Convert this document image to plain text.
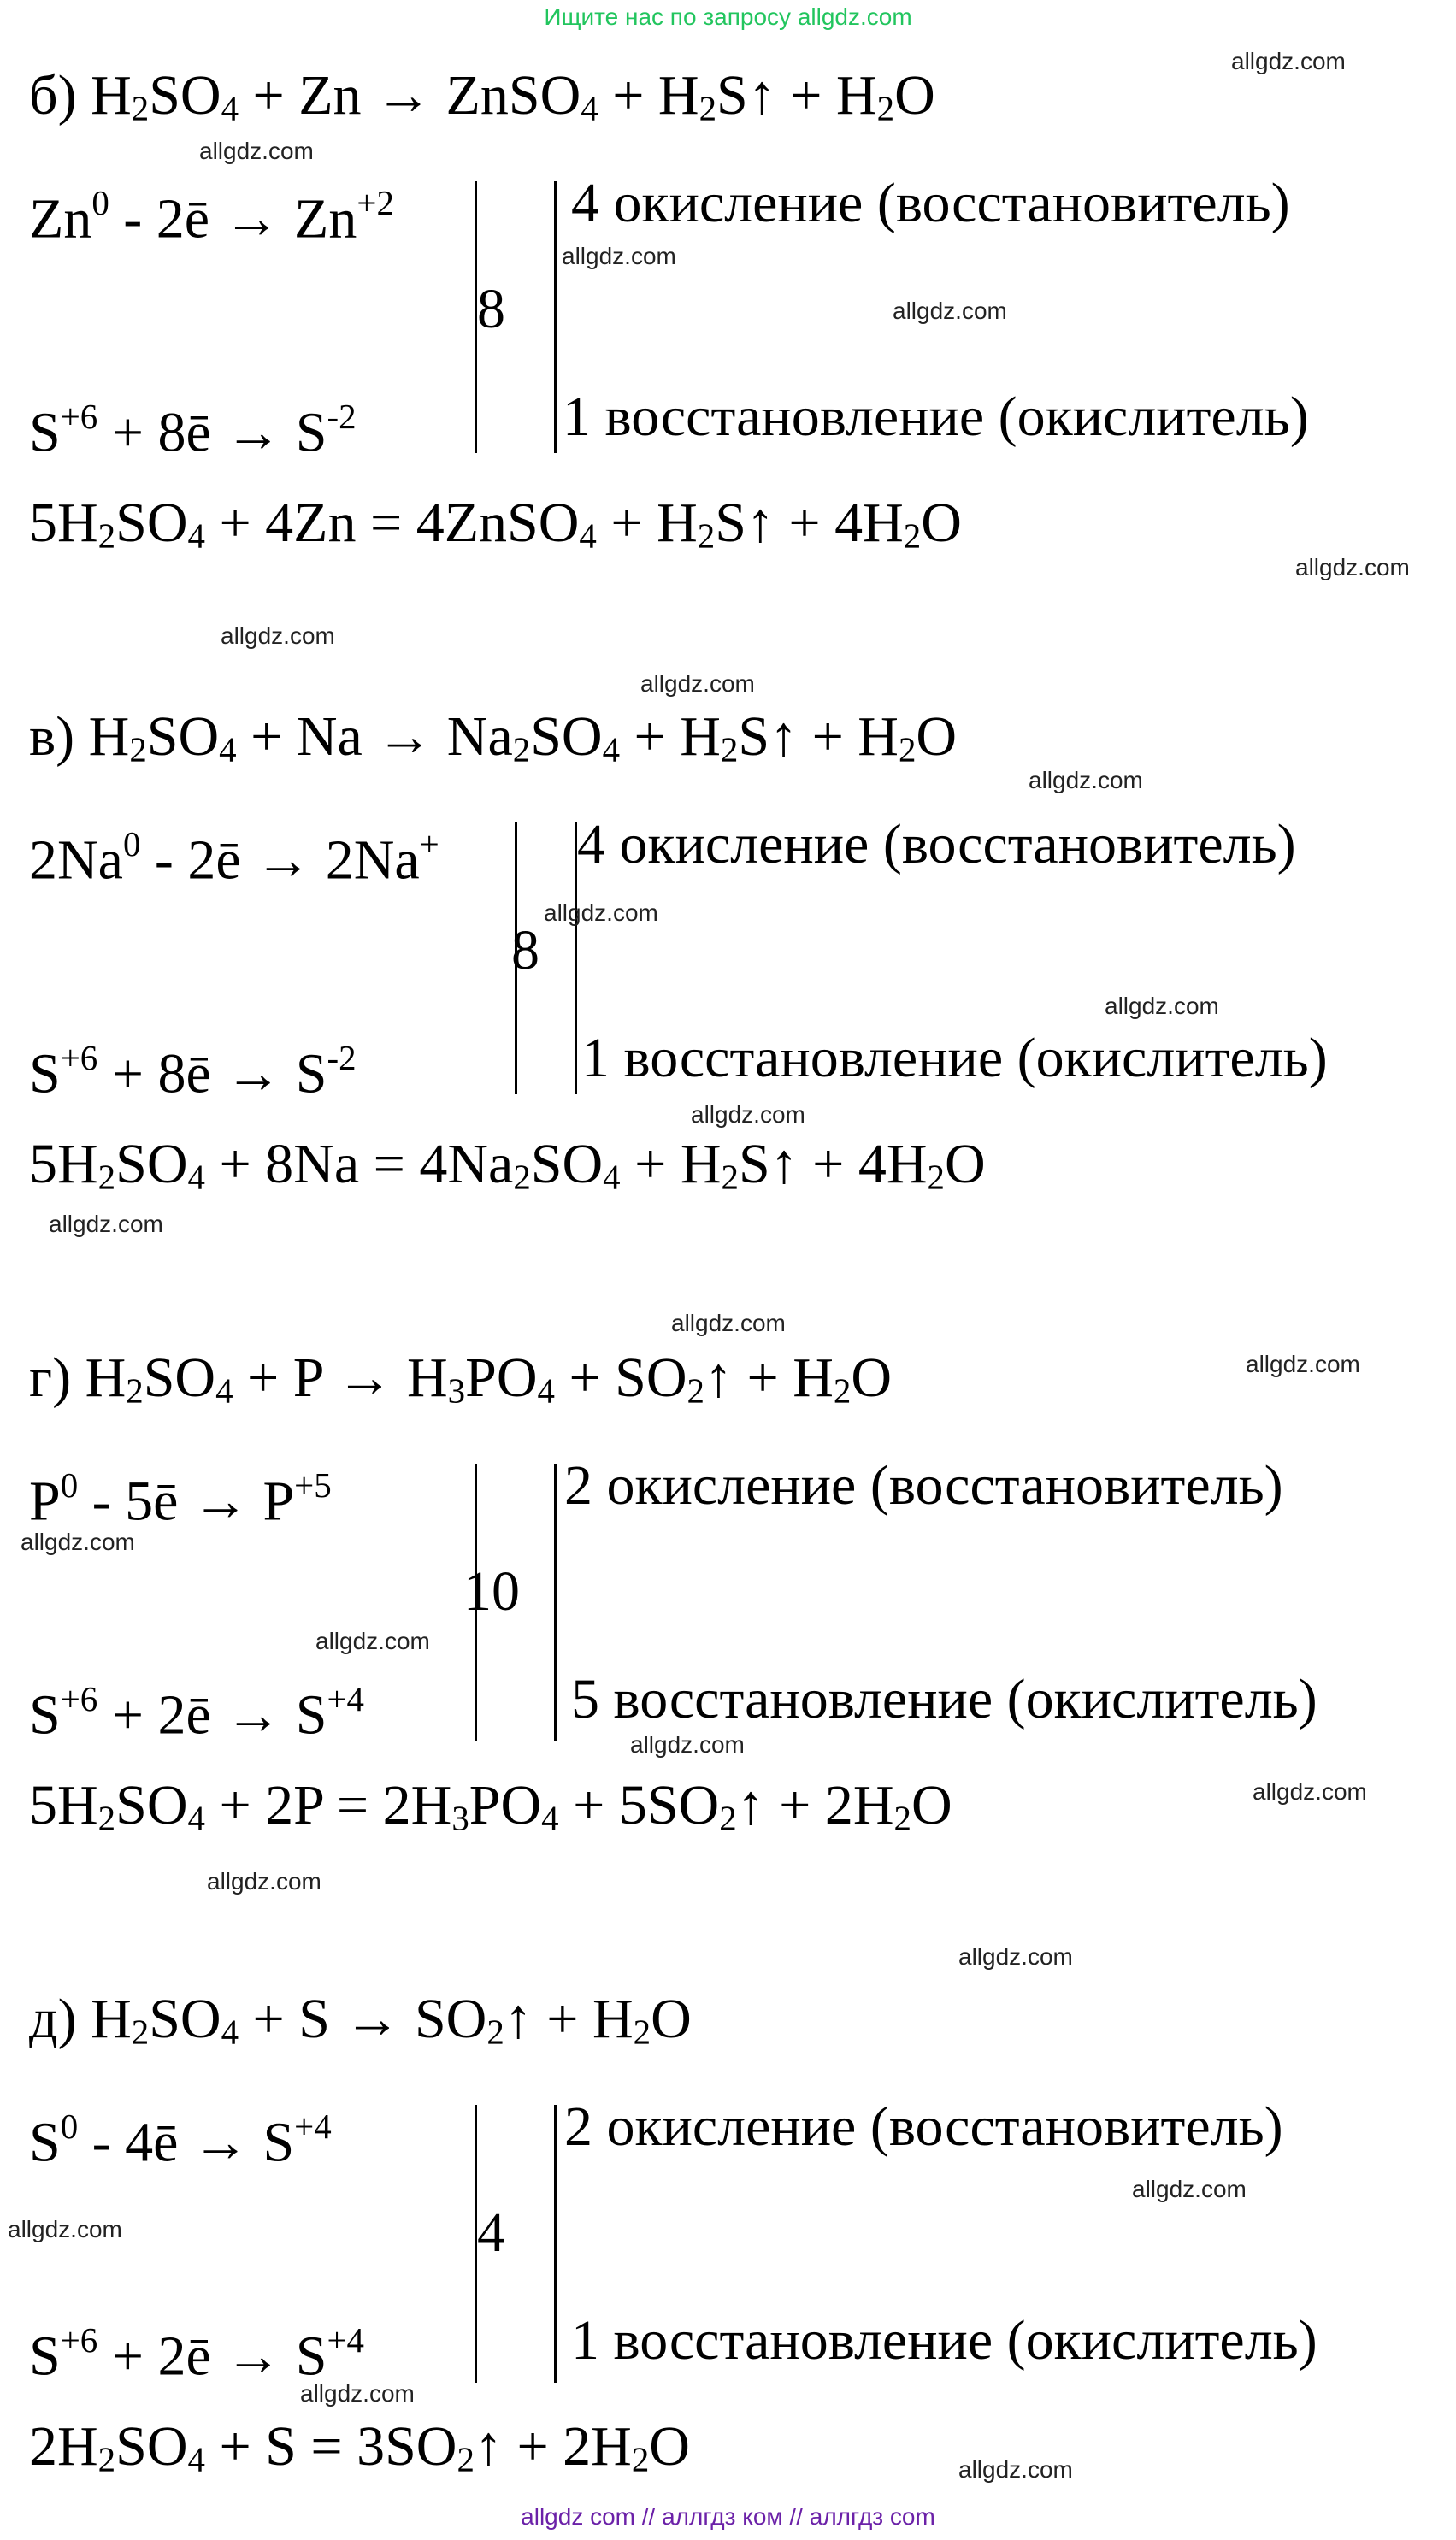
Ищите нас по запросу allgdz.com
б) H2SO4 + Zn → ZnSO4 + H2S↑ + H2O
Zn$^0$ - 2ē → $Zn^{+2}$
$S^{+6}$ + 8ē → $S^{-2}$
8
4 окисление (восстановитель)
1 восстановление (окислитель)
5H2SO4 + 4Zn = 4ZnSO4 + H2S↑ + 4H2O
в) H2SO4 + Na → Na2SO4 + H2S↑ + H2O
2Na$^0$ - 2ē → 2Na+
$S^{+6}$ + 8ē → $S^{-2}$
8
4 окисление (восстановитель)
1 восстановление (окислитель)
5H2SO4 + 8Na = 4Na2SO4 + H2S↑ + 4H2O
г) H2SO4 + P → H3PO4 + SO2↑ + H2O
$P^0$ - 5ē → $P^{+5}$
$S^{+6}$ + 2ē → $S^{+4}$
10
2 окисление (восстановитель)
5 восстановление (окислитель)
5H2SO4 + 2P = 2H3PO4 + 5SO2↑ + 2H2O
д) H2SO4 + S → SO2↑ + H2O
$S^0$ - 4ē → $S^{+4}$
$S^{+6}$ + 2ē → $S^{+4}$
4
2 окисление (восстановитель)
1 восстановление (окислитель)
2H2SO4 + S = 3SO2↑ + 2H2O
allgdz.com
allgdz.com
allgdz.com
allgdz.com
allgdz.com
allgdz.com
allgdz.com
allgdz.com
allgdz.com
allgdz.com
allgdz.com
allgdz.com
allgdz.com
allgdz.com
allgdz.com
allgdz.com
allgdz.com
allgdz.com
allgdz.com
allgdz.com
allgdz.com
allgdz.com
allgdz.com
allgdz.com
allgdz com // аллгдз ком // аллгдз com
